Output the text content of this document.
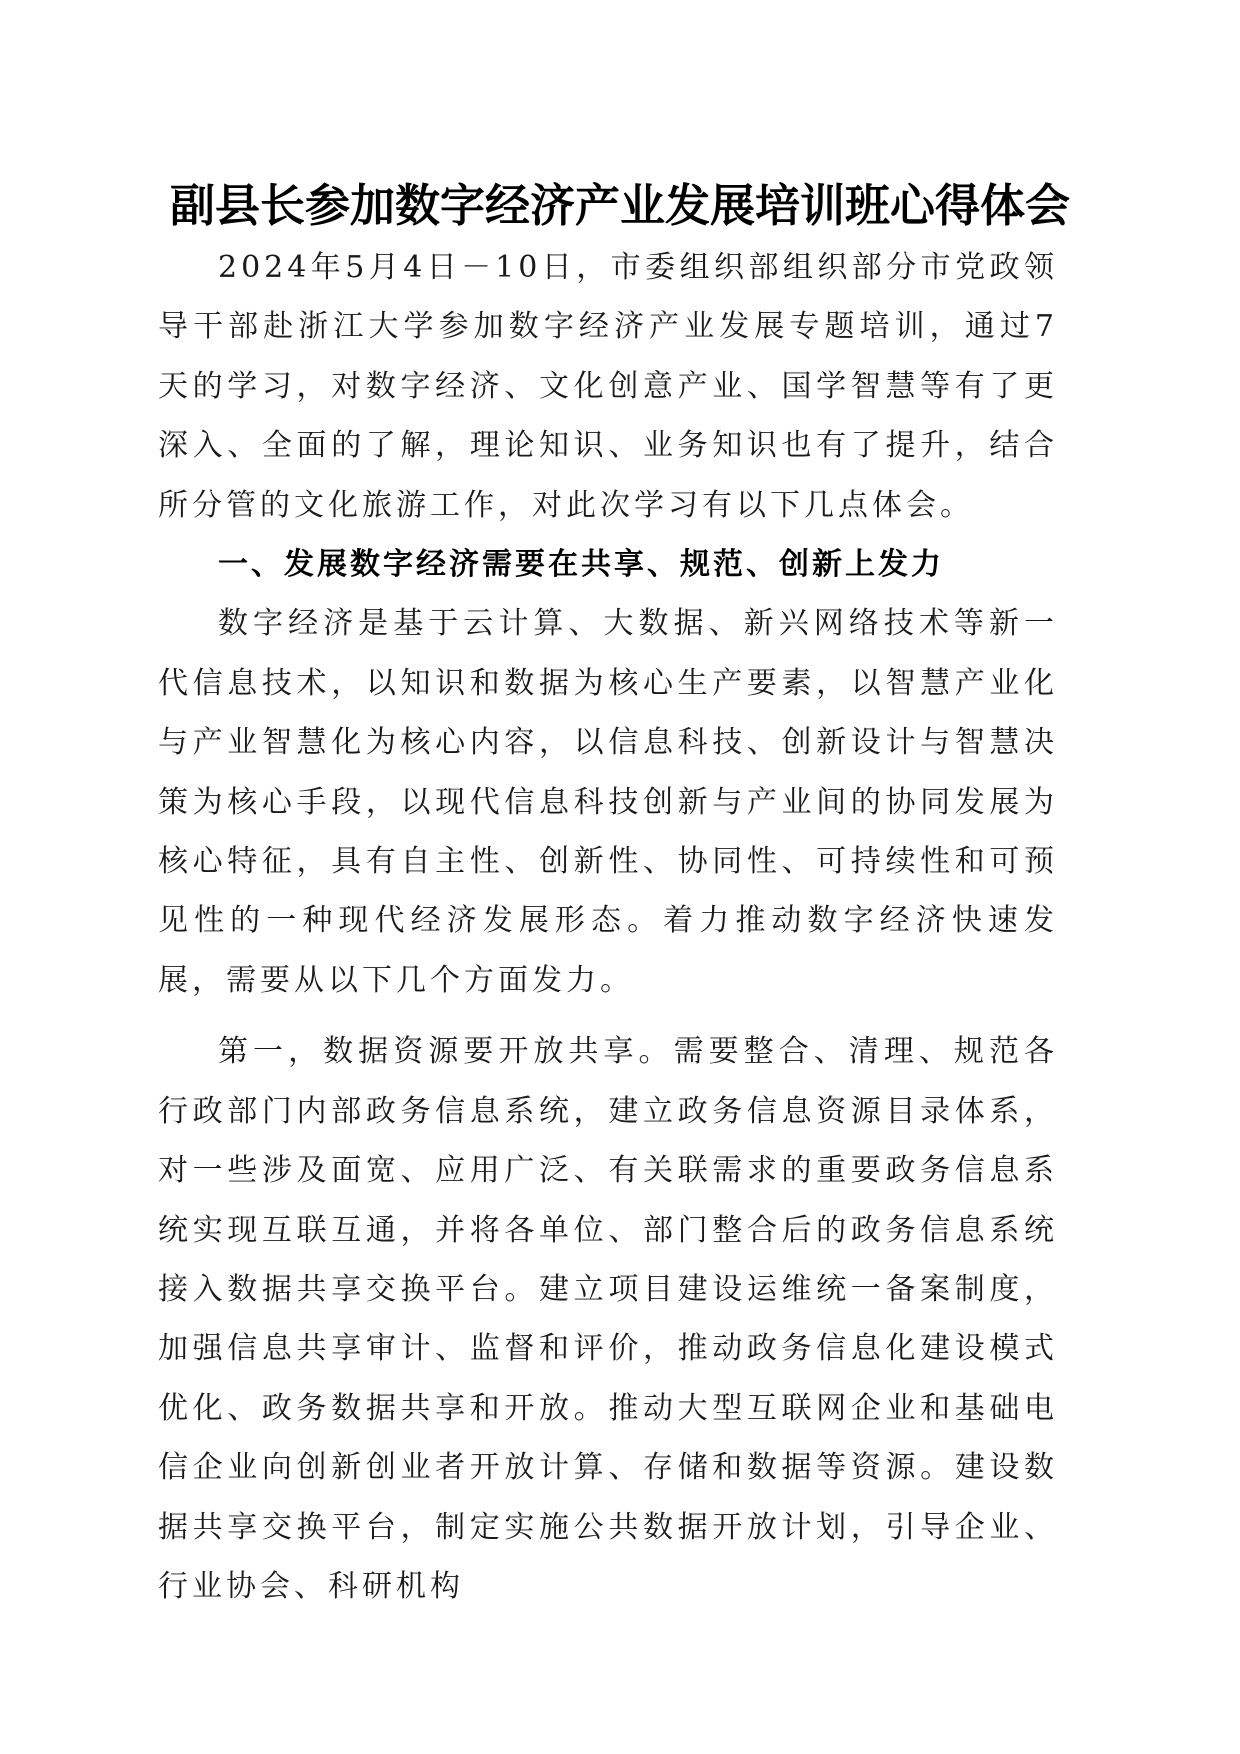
副县长参加数字经济产业发展培训班心得体会

2024年5月4日－10日，市委组织部组织部分市党政领导干部赴浙江大学参加数字经济产业发展专题培训，通过7天的学习，对数字经济、文化创意产业、国学智慧等有了更深入、全面的了解，理论知识、业务知识也有了提升，结合所分管的文化旅游工作，对此次学习有以下几点体会。

一、发展数字经济需要在共享、规范、创新上发力

数字经济是基于云计算、大数据、新兴网络技术等新一代信息技术，以知识和数据为核心生产要素，以智慧产业化与产业智慧化为核心内容，以信息科技、创新设计与智慧决策为核心手段，以现代信息科技创新与产业间的协同发展为核心特征，具有自主性、创新性、协同性、可持续性和可预见性的一种现代经济发展形态。着力推动数字经济快速发展，需要从以下几个方面发力。

第一，数据资源要开放共享。需要整合、清理、规范各行政部门内部政务信息系统，建立政务信息资源目录体系，对一些涉及面宽、应用广泛、有关联需求的重要政务信息系统实现互联互通，并将各单位、部门整合后的政务信息系统接入数据共享交换平台。建立项目建设运维统一备案制度，加强信息共享审计、监督和评价，推动政务信息化建设模式优化、政务数据共享和开放。推动大型互联网企业和基础电信企业向创新创业者开放计算、存储和数据等资源。建设数据共享交换平台，制定实施公共数据开放计划，引导企业、行业协会、科研机构
